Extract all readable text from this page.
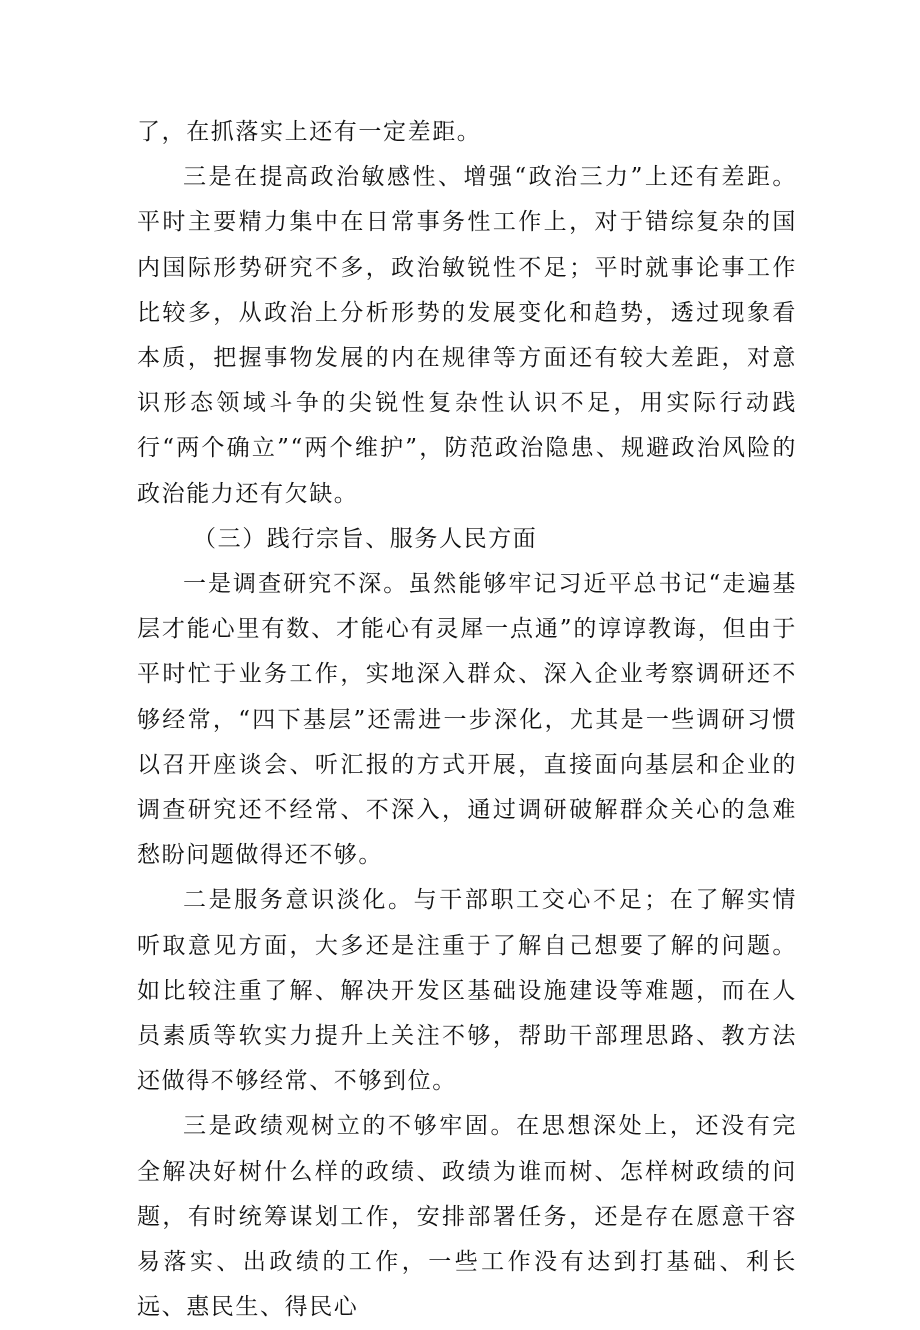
了，在抓落实上还有一定差距。

三是在提高政治敏感性、增强“政治三力”上还有差距。平时主要精力集中在日常事务性工作上，对于错综复杂的国内国际形势研究不多，政治敏锐性不足；平时就事论事工作比较多，从政治上分析形势的发展变化和趋势，透过现象看本质，把握事物发展的内在规律等方面还有较大差距，对意识形态领域斗争的尖锐性复杂性认识不足，用实际行动践行“两个确立”“两个维护”，防范政治隐患、规避政治风险的政治能力还有欠缺。

（三）践行宗旨、服务人民方面

一是调查研究不深。虽然能够牢记习近平总书记“走遍基层才能心里有数、才能心有灵犀一点通”的谆谆教诲，但由于平时忙于业务工作，实地深入群众、深入企业考察调研还不够经常，“四下基层”还需进一步深化，尤其是一些调研习惯以召开座谈会、听汇报的方式开展，直接面向基层和企业的调查研究还不经常、不深入，通过调研破解群众关心的急难愁盼问题做得还不够。

二是服务意识淡化。与干部职工交心不足；在了解实情听取意见方面，大多还是注重于了解自己想要了解的问题。如比较注重了解、解决开发区基础设施建设等难题，而在人员素质等软实力提升上关注不够，帮助干部理思路、教方法还做得不够经常、不够到位。

三是政绩观树立的不够牢固。在思想深处上，还没有完全解决好树什么样的政绩、政绩为谁而树、怎样树政绩的问题，有时统筹谋划工作，安排部署任务，还是存在愿意干容易落实、出政绩的工作，一些工作没有达到打基础、利长远、惠民生、得民心
